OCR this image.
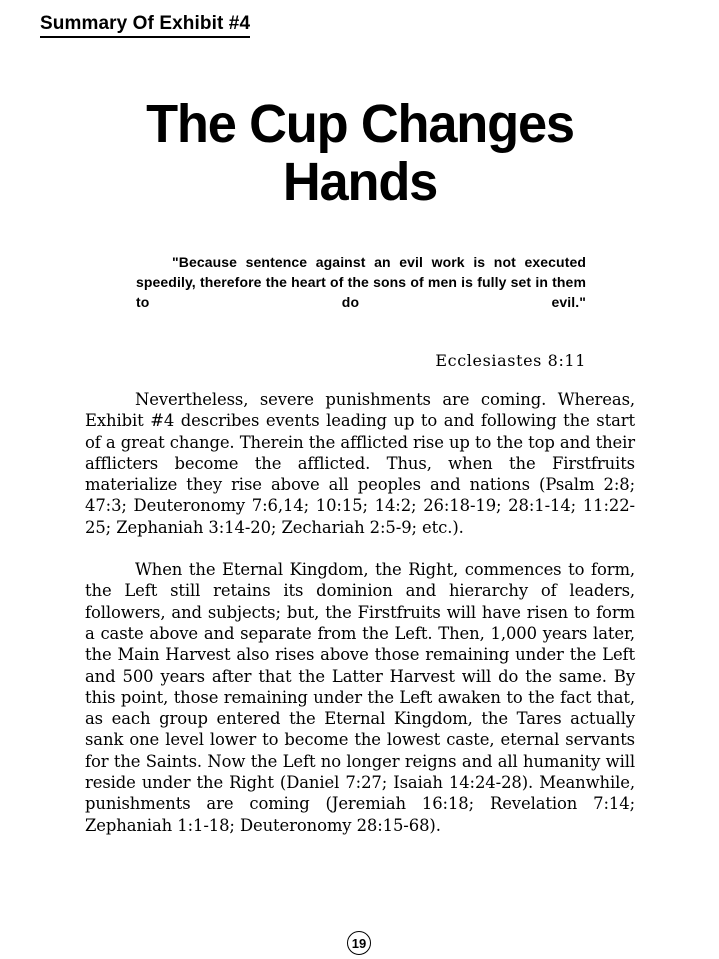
Summary Of Exhibit #4
The Cup Changes
Hands

"Because sentence against an evil work is not executed speedily, therefore the heart of the sons of men is fully set in them to do evil."

Ecclesiastes 8:11

Nevertheless, severe punishments are coming. Whereas, Exhibit #4 describes events leading up to and following the start of a great change. Therein the afflicted rise up to the top and their afflicters become the afflicted. Thus, when the Firstfruits materialize they rise above all peoples and nations (Psalm 2:8; 47:3; Deuteronomy 7:6,14; 10:15; 14:2; 26:18-19; 28:1-14; 11:22-25; Zephaniah 3:14-20; Zechariah 2:5-9; etc.).

When the Eternal Kingdom, the Right, commences to form, the Left still retains its dominion and hierarchy of leaders, followers, and subjects; but, the Firstfruits will have risen to form a caste above and separate from the Left. Then, 1,000 years later, the Main Harvest also rises above those remaining under the Left and 500 years after that the Latter Harvest will do the same. By this point, those remaining under the Left awaken to the fact that, as each group entered the Eternal Kingdom, the Tares actually sank one level lower to become the lowest caste, eternal servants for the Saints. Now the Left no longer reigns and all humanity will reside under the Right (Daniel 7:27; Isaiah 14:24-28). Meanwhile, punishments are coming (Jeremiah 16:18; Revelation 7:14; Zephaniah 1:1-18; Deuteronomy 28:15-68).

19
